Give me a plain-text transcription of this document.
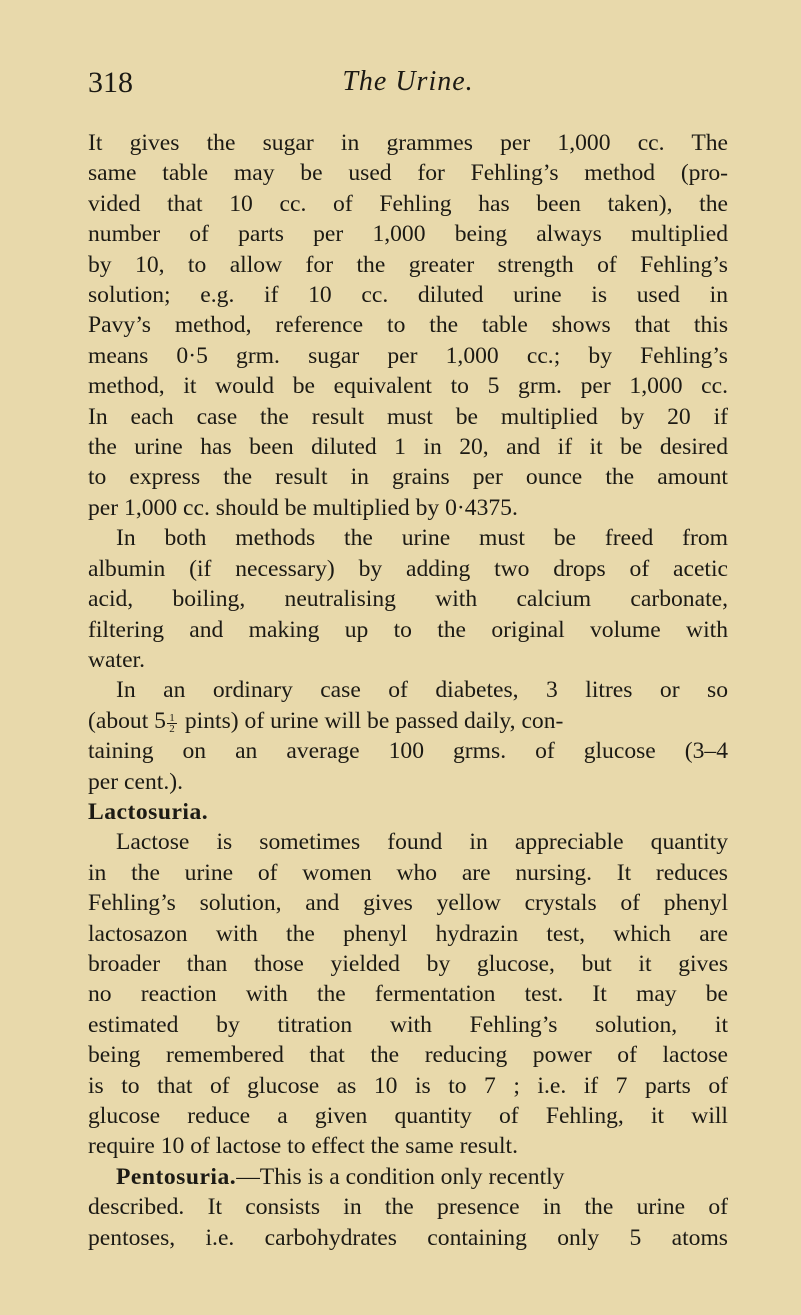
318	The Urine.
It gives the sugar in grammes per 1,000 cc. The
same table may be used for Fehling’s method (pro-
vided that 10 cc. of Fehling has been taken), the
number of parts per 1,000 being always multiplied
by 10, to allow for the greater strength of Fehling’s
solution; e.g. if 10 cc. diluted urine is used in
Pavy’s method, reference to the table shows that this
means 0·5 grm. sugar per 1,000 cc.; by Fehling’s
method, it would be equivalent to 5 grm. per 1,000 cc.
In each case the result must be multiplied by 20 if
the urine has been diluted 1 in 20, and if it be desired
to express the result in grains per ounce the amount
per 1,000 cc. should be multiplied by 0·4375.
In both methods the urine must be freed from
albumin (if necessary) by adding two drops of acetic
acid, boiling, neutralising with calcium carbonate,
filtering and making up to the original volume with
water.
In an ordinary case of diabetes, 3 litres or so
(about $5 \frac{1}{2}$ pints) of urine will be passed daily, con-
taining on an average 100 grms. of glucose (3–4
per cent.).
Lactosuria.
Lactose is sometimes found in appreciable quantity
in the urine of women who are nursing. It reduces
Fehling’s solution, and gives yellow crystals of phenyl
lactosazon with the phenyl hydrazin test, which are
broader than those yielded by glucose, but it gives
no reaction with the fermentation test. It may be
estimated by titration with Fehling’s solution, it
being remembered that the reducing power of lactose
is to that of glucose as 10 is to 7 ; i.e. if 7 parts of
glucose reduce a given quantity of Fehling, it will
require 10 of lactose to effect the same result.
Pentosuria.—This is a condition only recently
described. It consists in the presence in the urine of
pentoses, i.e. carbohydrates containing only 5 atoms
